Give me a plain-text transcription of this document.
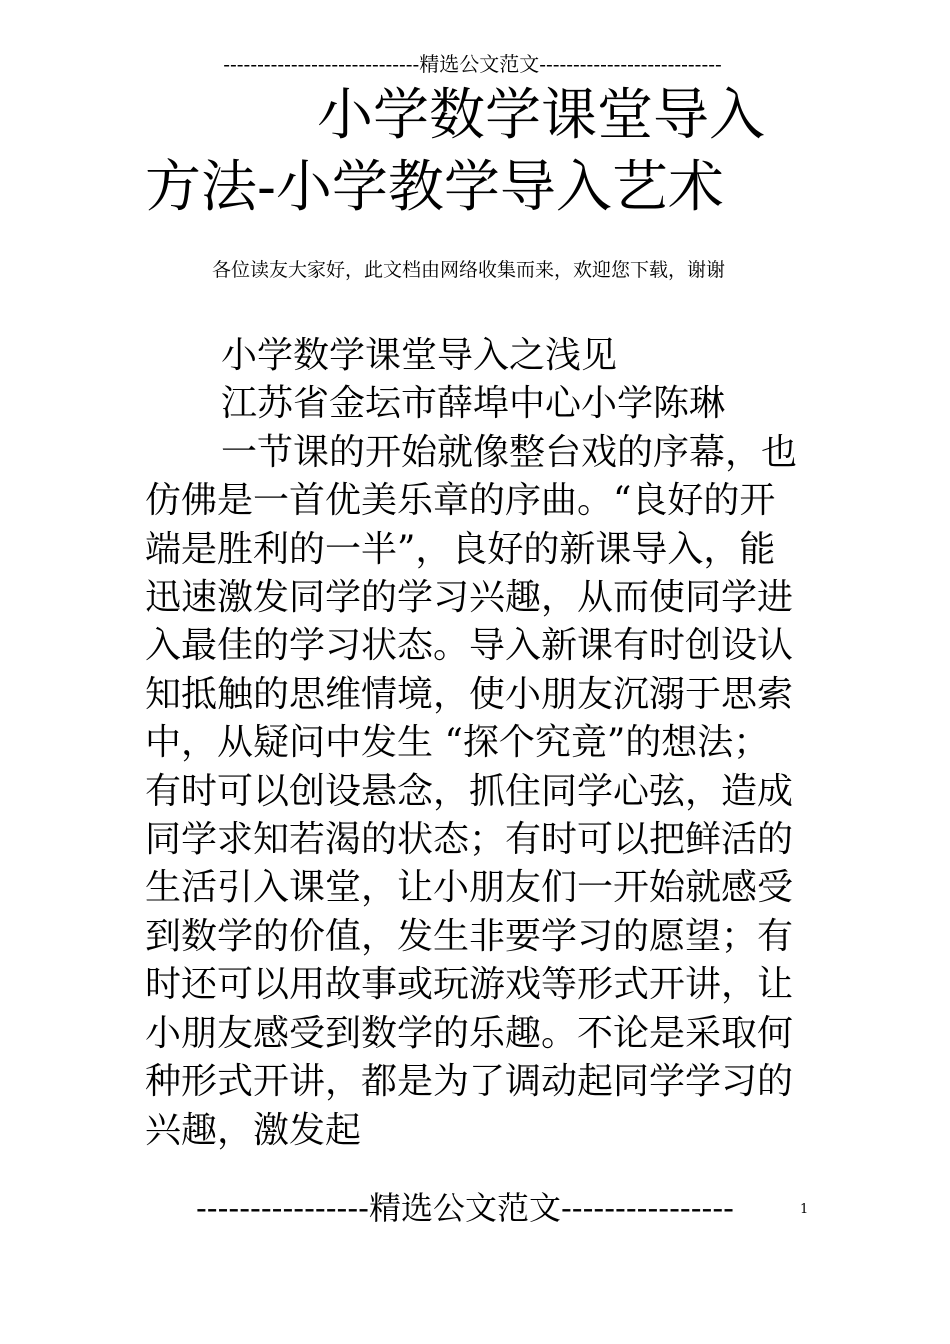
-----------------------------精选公文范文---------------------------
小学数学课堂导入
方法-小学教学导入艺术
各位读友大家好，此文档由网络收集而来，欢迎您下载，谢谢

小学数学课堂导入之浅见

江苏省金坛市薛埠中心小学陈琳

一节课的开始就像整台戏的序幕，也仿佛是一首优美乐章的序曲。“良好的开端是胜利的一半”，良好的新课导入，能迅速激发同学的学习兴趣，从而使同学进入最佳的学习状态。导入新课有时创设认知抵触的思维情境，使小朋友沉溺于思索中，从疑问中发生 “探个究竟”的想法；有时可以创设悬念，抓住同学心弦，造成同学求知若渴的状态；有时可以把鲜活的生活引入课堂，让小朋友们一开始就感受到数学的价值，发生非要学习的愿望；有时还可以用故事或玩游戏等形式开讲，让小朋友感受到数学的乐趣。不论是采取何种形式开讲，都是为了调动起同学学习的兴趣，激发起

----------------精选公文范文----------------	1
